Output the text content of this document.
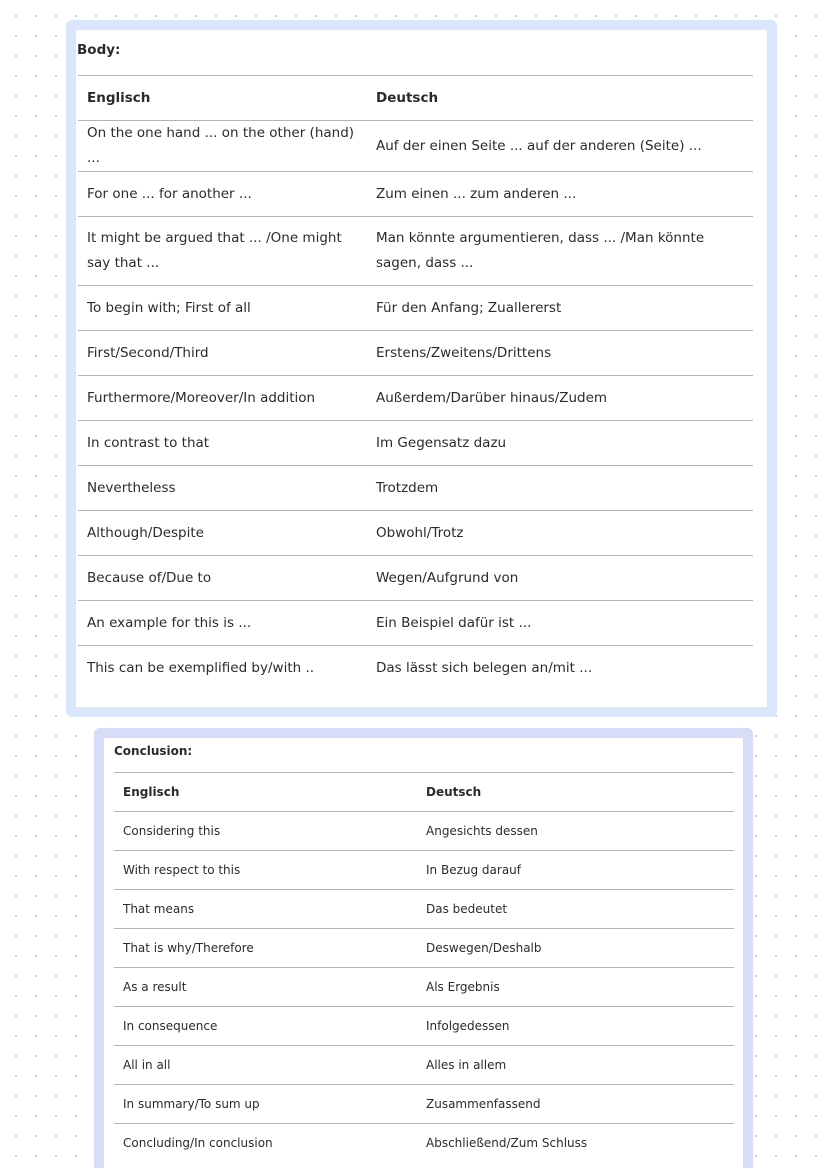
Body:
Englisch	Deutsch
On the one hand ... on the other (hand) ...	Auf der einen Seite ... auf der anderen (Seite) ...
For one ... for another ...	Zum einen ... zum anderen ...
It might be argued that ... /One might say that ...	Man könnte argumentieren, dass ... /Man könnte sagen, dass ...
To begin with; First of all	Für den Anfang; Zuallererst
First/Second/Third	Erstens/Zweitens/Drittens
Furthermore/Moreover/In addition	Außerdem/Darüber hinaus/Zudem
In contrast to that	Im Gegensatz dazu
Nevertheless	Trotzdem
Although/Despite	Obwohl/Trotz
Because of/Due to	Wegen/Aufgrund von
An example for this is ...	Ein Beispiel dafür ist ...
This can be exemplified by/with ..	Das lässt sich belegen an/mit ...
Conclusion:
Englisch	Deutsch
Considering this	Angesichts dessen
With respect to this	In Bezug darauf
That means	Das bedeutet
That is why/Therefore	Deswegen/Deshalb
As a result	Als Ergebnis
In consequence	Infolgedessen
All in all	Alles in allem
In summary/To sum up	Zusammenfassend
Concluding/In conclusion	Abschließend/Zum Schluss
